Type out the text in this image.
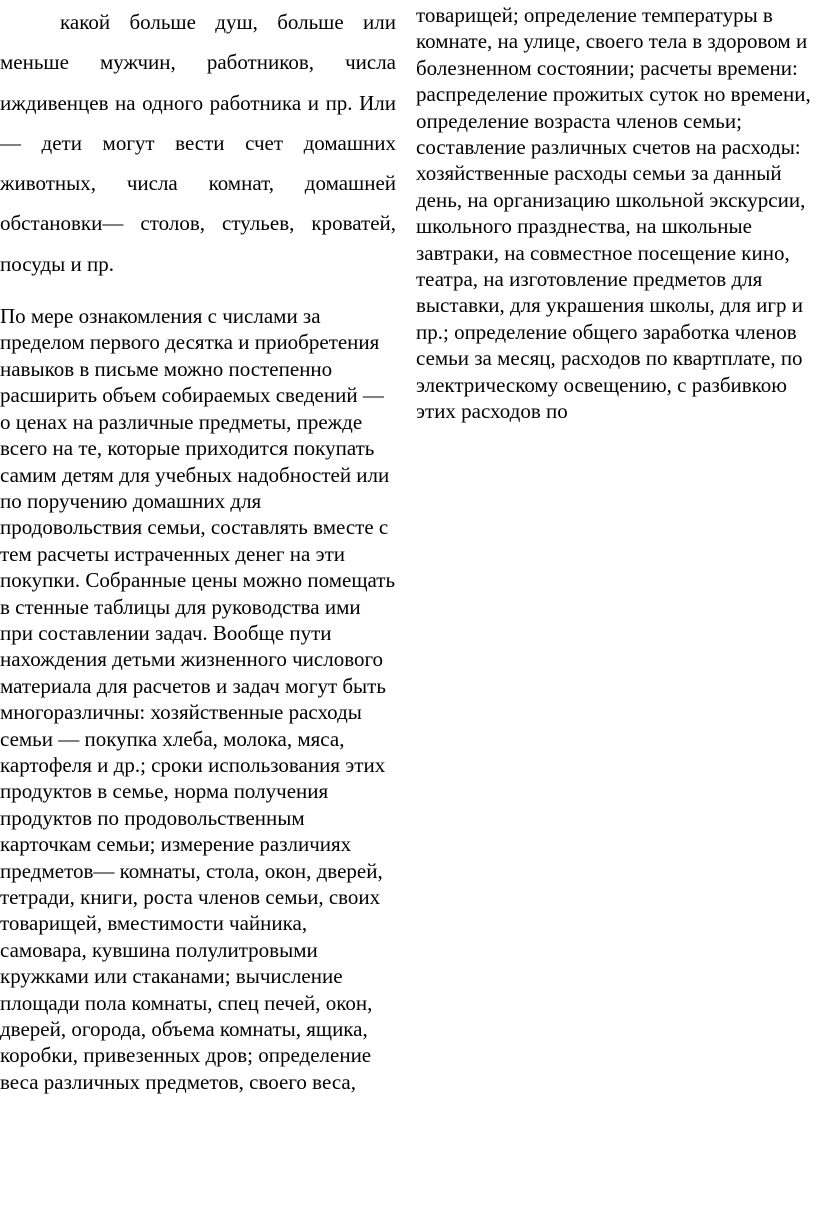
какой больше душ, больше или меньше мужчин, работников, числа иждивенцев на одного работника и пр. Или — дети могут вести счет домашних животных, числа комнат, домашней обстановки— столов, стульев, кроватей, посуды и пр.

По мере ознакомления с числами за пределом первого десятка и приобретения навыков в письме можно постепенно расширить объем собираемых сведений — о ценах на различные предметы, прежде всего на те, которые приходится покупать самим детям для учебных надобностей или по поручению домашних для продовольствия семьи, составлять вместе с тем расчеты истраченных денег на эти покупки. Собранные цены можно помещать в стенные таблицы для руководства ими при составлении задач. Вообще пути нахождения детьми жизненного числового материала для расчетов и задач могут быть многоразличны: хозяйственные расходы семьи — покупка хлеба, молока, мяса, картофеля и др.; сроки использования этих продуктов в семье, норма получения продуктов по продовольственным карточкам семьи; измерение различиях предметов— комнаты, стола, окон, дверей, тетради, книги, роста членов семьи, своих товарищей, вместимости чайника, самовара, кувшина полулитровыми кружками или стаканами; вычисление площади пола комнаты, спец печей, окон, дверей, огорода, объема комнаты, ящика, коробки, привезенных дров; определение веса различных предметов, своего веса,

товарищей; определение температуры в комнате, на улице, своего тела в здоровом и болезненном состоянии; расчеты времени: распределение прожитых суток но времени, определение возраста членов семьи; составление различных счетов на расходы: хозяйственные расходы семьи за данный день, на организацию школьной экскурсии, школьного празднества, на школьные завтраки, на совместное посещение кино, театра, на изготовление предметов для выставки, для украшения школы, для игр и пр.; определение общего заработка членов семьи за месяц, расходов по квартплате, по электрическому освещению, с разбивкою этих расходов по
